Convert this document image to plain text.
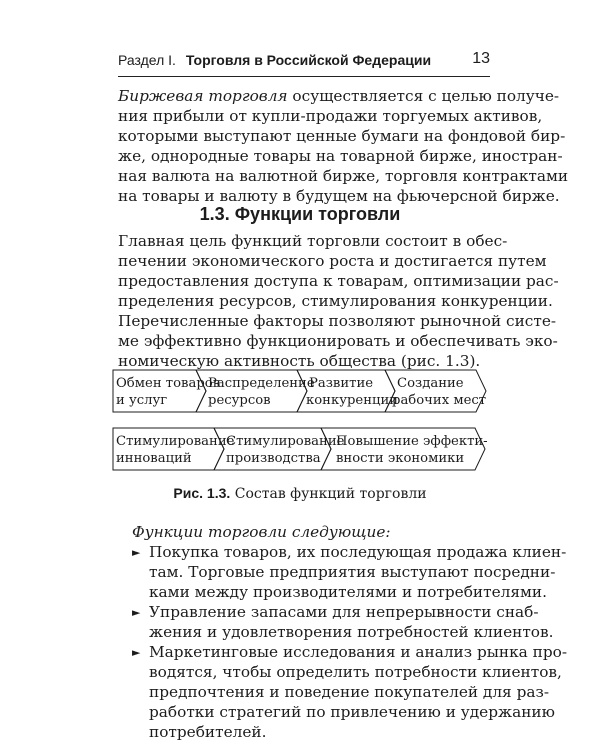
Раздел I. Торговля в Российской Федерации	13
Биржевая торговля осуществляется с целью получе-
ния прибыли от купли-продажи торгуемых активов,
которыми выступают ценные бумаги на фондовой бир-
же, однородные товары на товарной бирже, иностран-
ная валюта на валютной бирже, торговля контрактами
на товары и валюту в будущем на фьючерсной бирже.
1.3. Функции торговли
Главная цель функций торговли состоит в обес-
печении экономического роста и достигается путем
предоставления доступа к товарам, оптимизации рас-
пределения ресурсов, стимулирования конкуренции.
Перечисленные факторы позволяют рыночной систе-
ме эффективно функционировать и обеспечивать эко-
номическую активность общества (рис. 1.3).
Обмен товаров
и услуг
Распределение
ресурсов
Развитие
конкуренции
Создание
рабочих мест
Стимулирование
инноваций
Стимулирование
производства
Повышение эффекти-
вности экономики
Рис. 1.3. Состав функций торговли
Функции торговли следующие:
► Покупка товаров, их последующая продажа клиен-
там. Торговые предприятия выступают посредни-
ками между производителями и потребителями.
► Управление запасами для непрерывности снаб-
жения и удовлетворения потребностей клиентов.
► Маркетинговые исследования и анализ рынка про-
водятся, чтобы определить потребности клиентов,
предпочтения и поведение покупателей для раз-
работки стратегий по привлечению и удержанию
потребителей.
